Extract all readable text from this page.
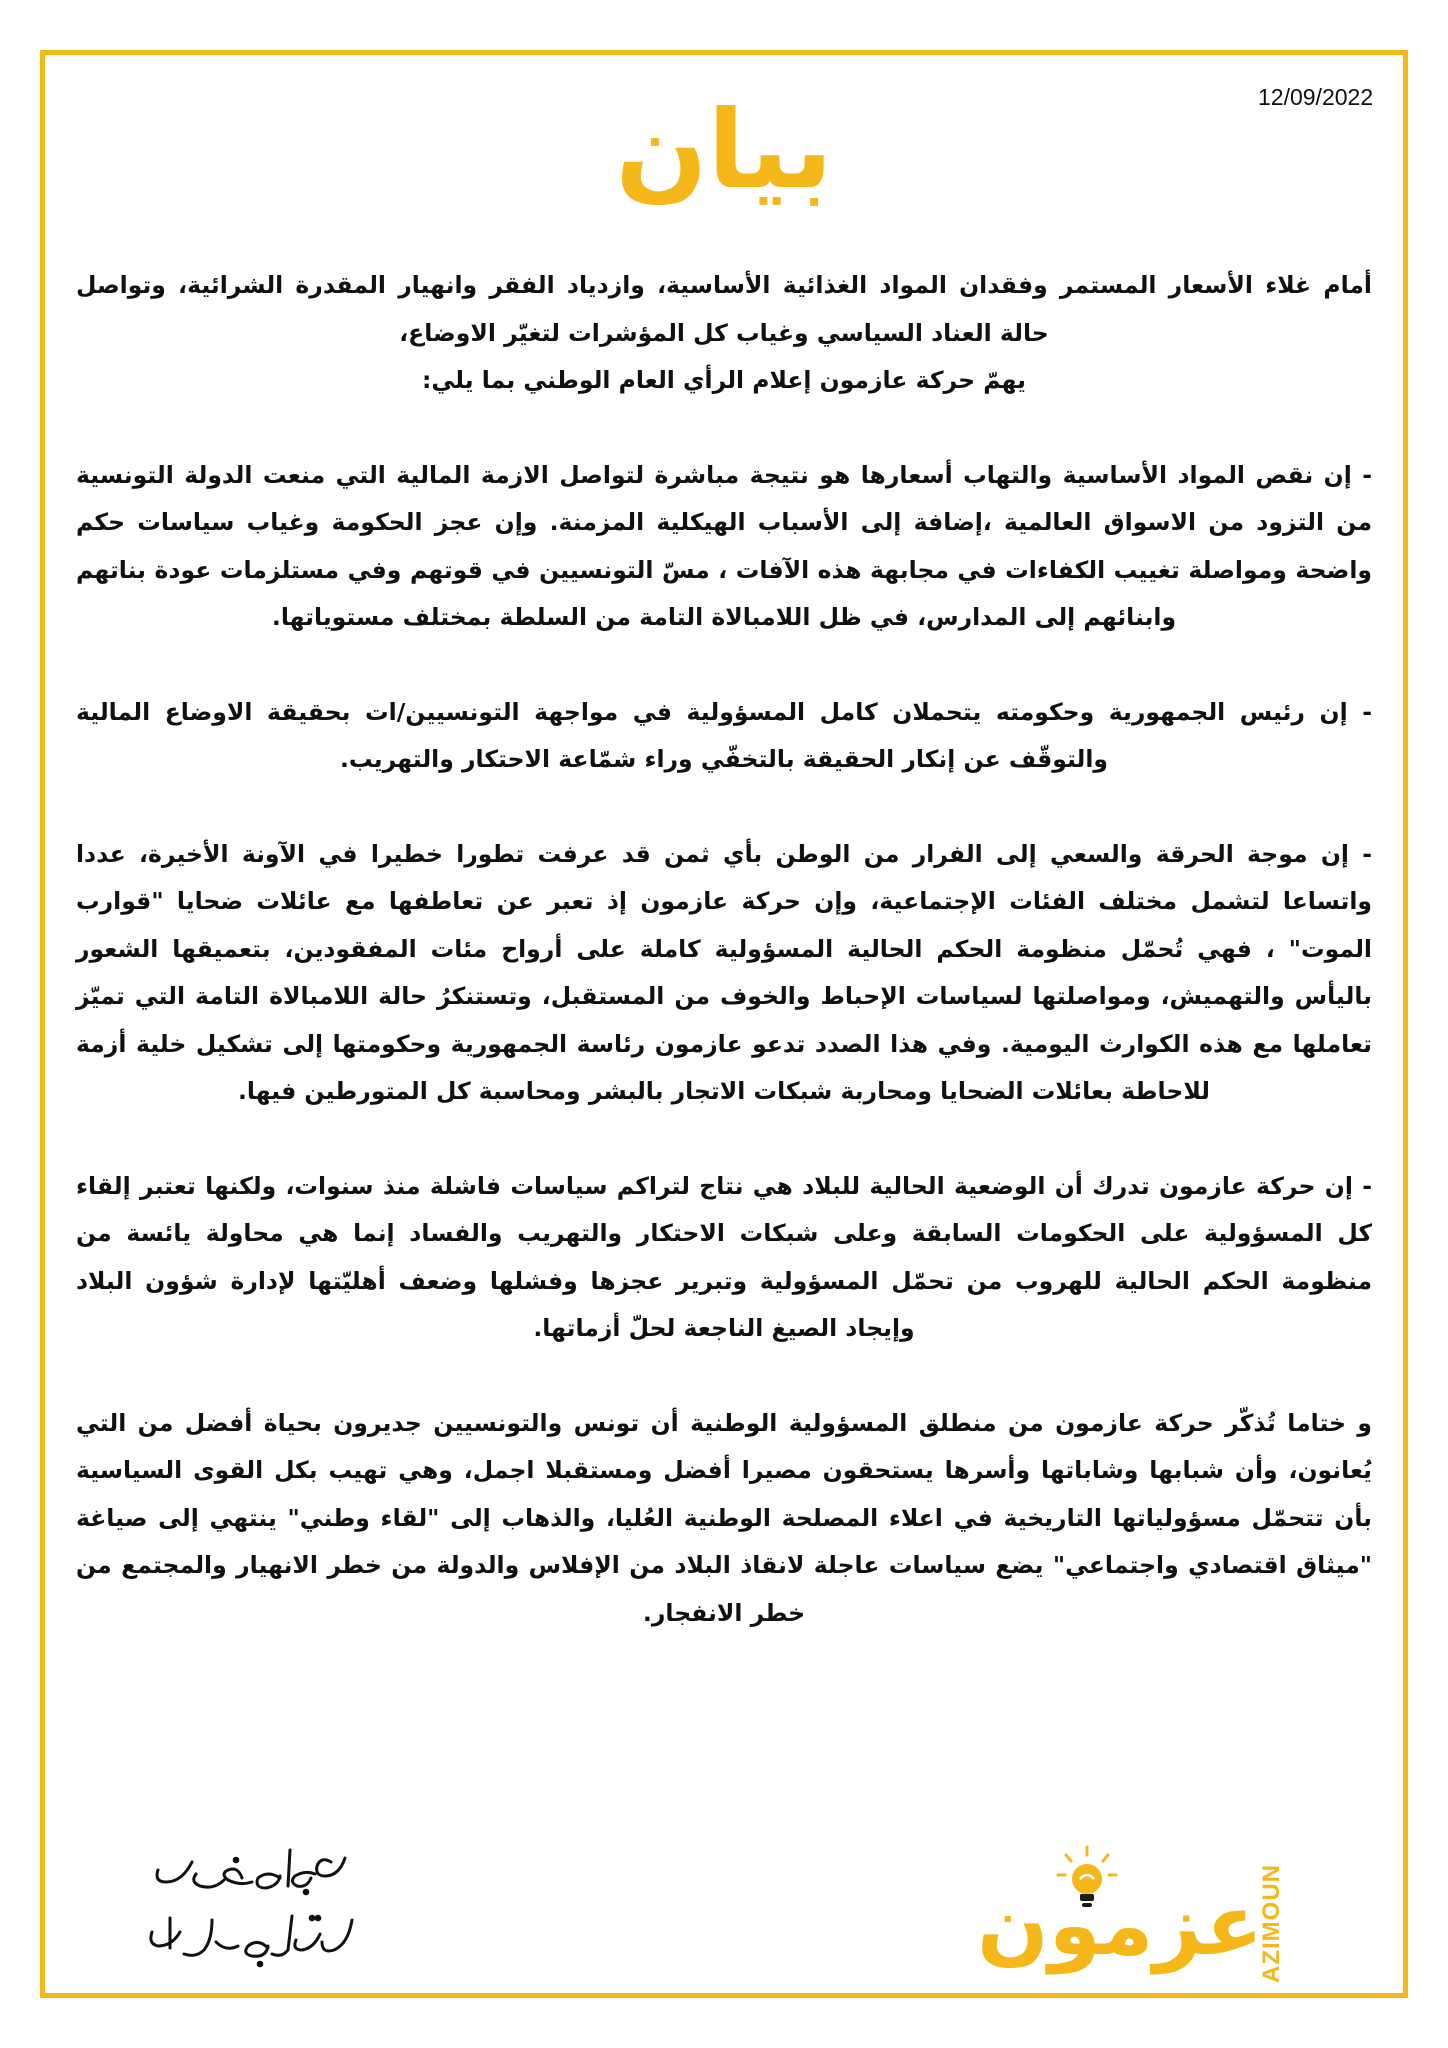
12/09/2022
بيان

أمام غلاء الأسعار المستمر وفقدان المواد الغذائية الأساسية، وازدياد الفقر وانهيار المقدرة الشرائية، وتواصل حالة العناد السياسي وغياب كل المؤشرات لتغيّر الاوضاع،

يهمّ حركة عازمون إعلام الرأي العام الوطني بما يلي:

- إن نقص المواد الأساسية والتهاب أسعارها هو نتيجة مباشرة لتواصل الازمة المالية التي منعت الدولة التونسية من التزود من الاسواق العالمية ،إضافة إلى الأسباب الهيكلية المزمنة. وإن عجز الحكومة وغياب سياسات حكم واضحة ومواصلة تغييب الكفاءات في مجابهة هذه الآفات ، مسّ التونسيين في قوتهم وفي مستلزمات عودة بناتهم وابنائهم إلى المدارس، في ظل اللامبالاة التامة من السلطة بمختلف مستوياتها.

- إن رئيس الجمهورية وحكومته يتحملان كامل المسؤولية في مواجهة التونسيين/ات بحقيقة الاوضاع المالية والتوقّف عن إنكار الحقيقة بالتخفّي وراء شمّاعة الاحتكار والتهريب.

- إن موجة الحرقة والسعي إلى الفرار من الوطن بأي ثمن قد عرفت تطورا خطيرا في الآونة الأخيرة، عددا واتساعا لتشمل مختلف الفئات الإجتماعية، وإن حركة عازمون إذ تعبر عن تعاطفها مع عائلات ضحايا "قوارب الموت" ، فهي تُحمّل منظومة الحكم الحالية المسؤولية كاملة على أرواح مئات المفقودين، بتعميقها الشعور باليأس والتهميش، ومواصلتها لسياسات الإحباط والخوف من المستقبل، وتستنكرُ حالة اللامبالاة التامة التي تميّز تعاملها مع هذه الكوارث اليومية. وفي هذا الصدد تدعو عازمون رئاسة الجمهورية وحكومتها إلى تشكيل خلية أزمة للاحاطة بعائلات الضحايا ومحاربة شبكات الاتجار بالبشر ومحاسبة كل المتورطين فيها.

- إن حركة عازمون تدرك أن الوضعية الحالية للبلاد هي نتاج لتراكم سياسات فاشلة منذ سنوات، ولكنها تعتبر إلقاء كل المسؤولية على الحكومات السابقة وعلى شبكات الاحتكار والتهريب والفساد إنما هي محاولة يائسة من منظومة الحكم الحالية للهروب من تحمّل المسؤولية وتبرير عجزها وفشلها وضعف أهليّتها لإدارة شؤون البلاد وإيجاد الصيغ الناجعة لحلّ أزماتها.

و ختاما تُذكّر حركة عازمون من منطلق المسؤولية الوطنية أن تونس والتونسيين جديرون بحياة أفضل من التي يُعانون، وأن شبابها وشاباتها وأسرها يستحقون مصيرا أفضل ومستقبلا اجمل، وهي تهيب بكل القوى السياسية بأن تتحمّل مسؤولياتها التاريخية في اعلاء المصلحة الوطنية العُليا، والذهاب إلى "لقاء وطني" ينتهي إلى صياغة "ميثاق اقتصادي واجتماعي" يضع سياسات عاجلة لانقاذ البلاد من الإفلاس والدولة من خطر الانهيار والمجتمع من خطر الانفجار.

عزمون
AZIMOUN
